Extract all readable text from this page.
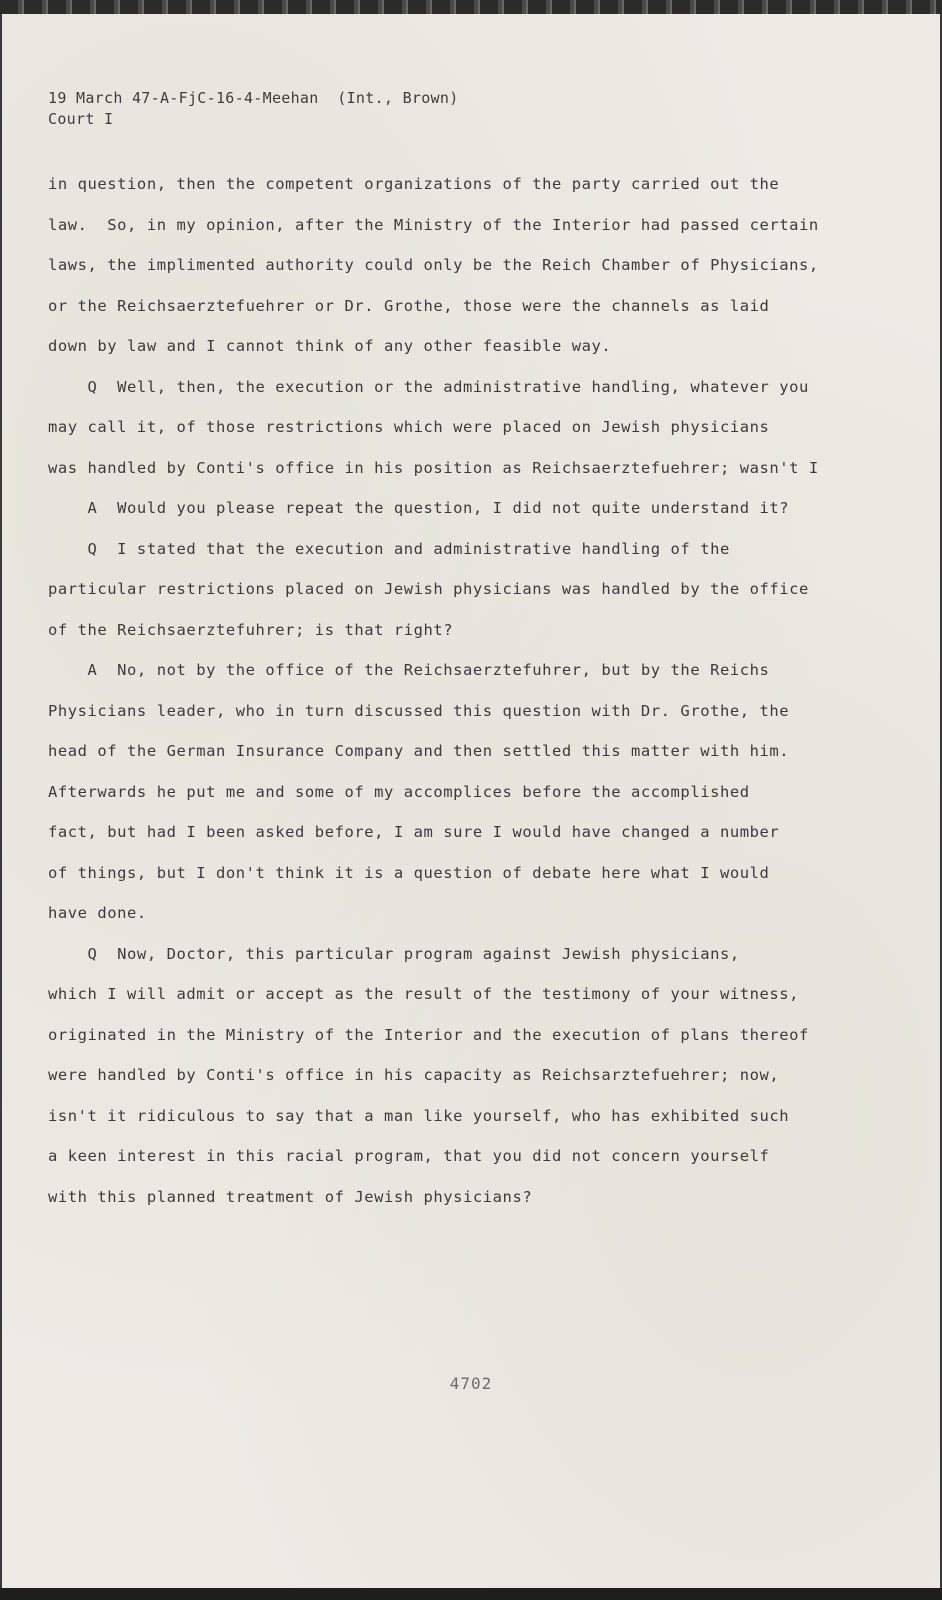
19 March 47-A-FjC-16-4-Meehan  (Int., Brown)
Court I
in question, then the competent organizations of the party carried out the
law.  So, in my opinion, after the Ministry of the Interior had passed certain
laws, the implimented authority could only be the Reich Chamber of Physicians,
or the Reichsaerztefuehrer or Dr. Grothe, those were the channels as laid
down by law and I cannot think of any other feasible way.
Q  Well, then, the execution or the administrative handling, whatever you
may call it, of those restrictions which were placed on Jewish physicians
was handled by Conti's office in his position as Reichsaerztefuehrer; wasn't I
A  Would you please repeat the question, I did not quite understand it?
Q  I stated that the execution and administrative handling of the
particular restrictions placed on Jewish physicians was handled by the office
of the Reichsaerztefuhrer; is that right?
A  No, not by the office of the Reichsaerztefuhrer, but by the Reichs
Physicians leader, who in turn discussed this question with Dr. Grothe, the
head of the German Insurance Company and then settled this matter with him.
Afterwards he put me and some of my accomplices before the accomplished
fact, but had I been asked before, I am sure I would have changed a number
of things, but I don't think it is a question of debate here what I would
have done.
Q  Now, Doctor, this particular program against Jewish physicians,
which I will admit or accept as the result of the testimony of your witness,
originated in the Ministry of the Interior and the execution of plans thereof
were handled by Conti's office in his capacity as Reichsarztefuehrer; now,
isn't it ridiculous to say that a man like yourself, who has exhibited such
a keen interest in this racial program, that you did not concern yourself
with this planned treatment of Jewish physicians?
4702
